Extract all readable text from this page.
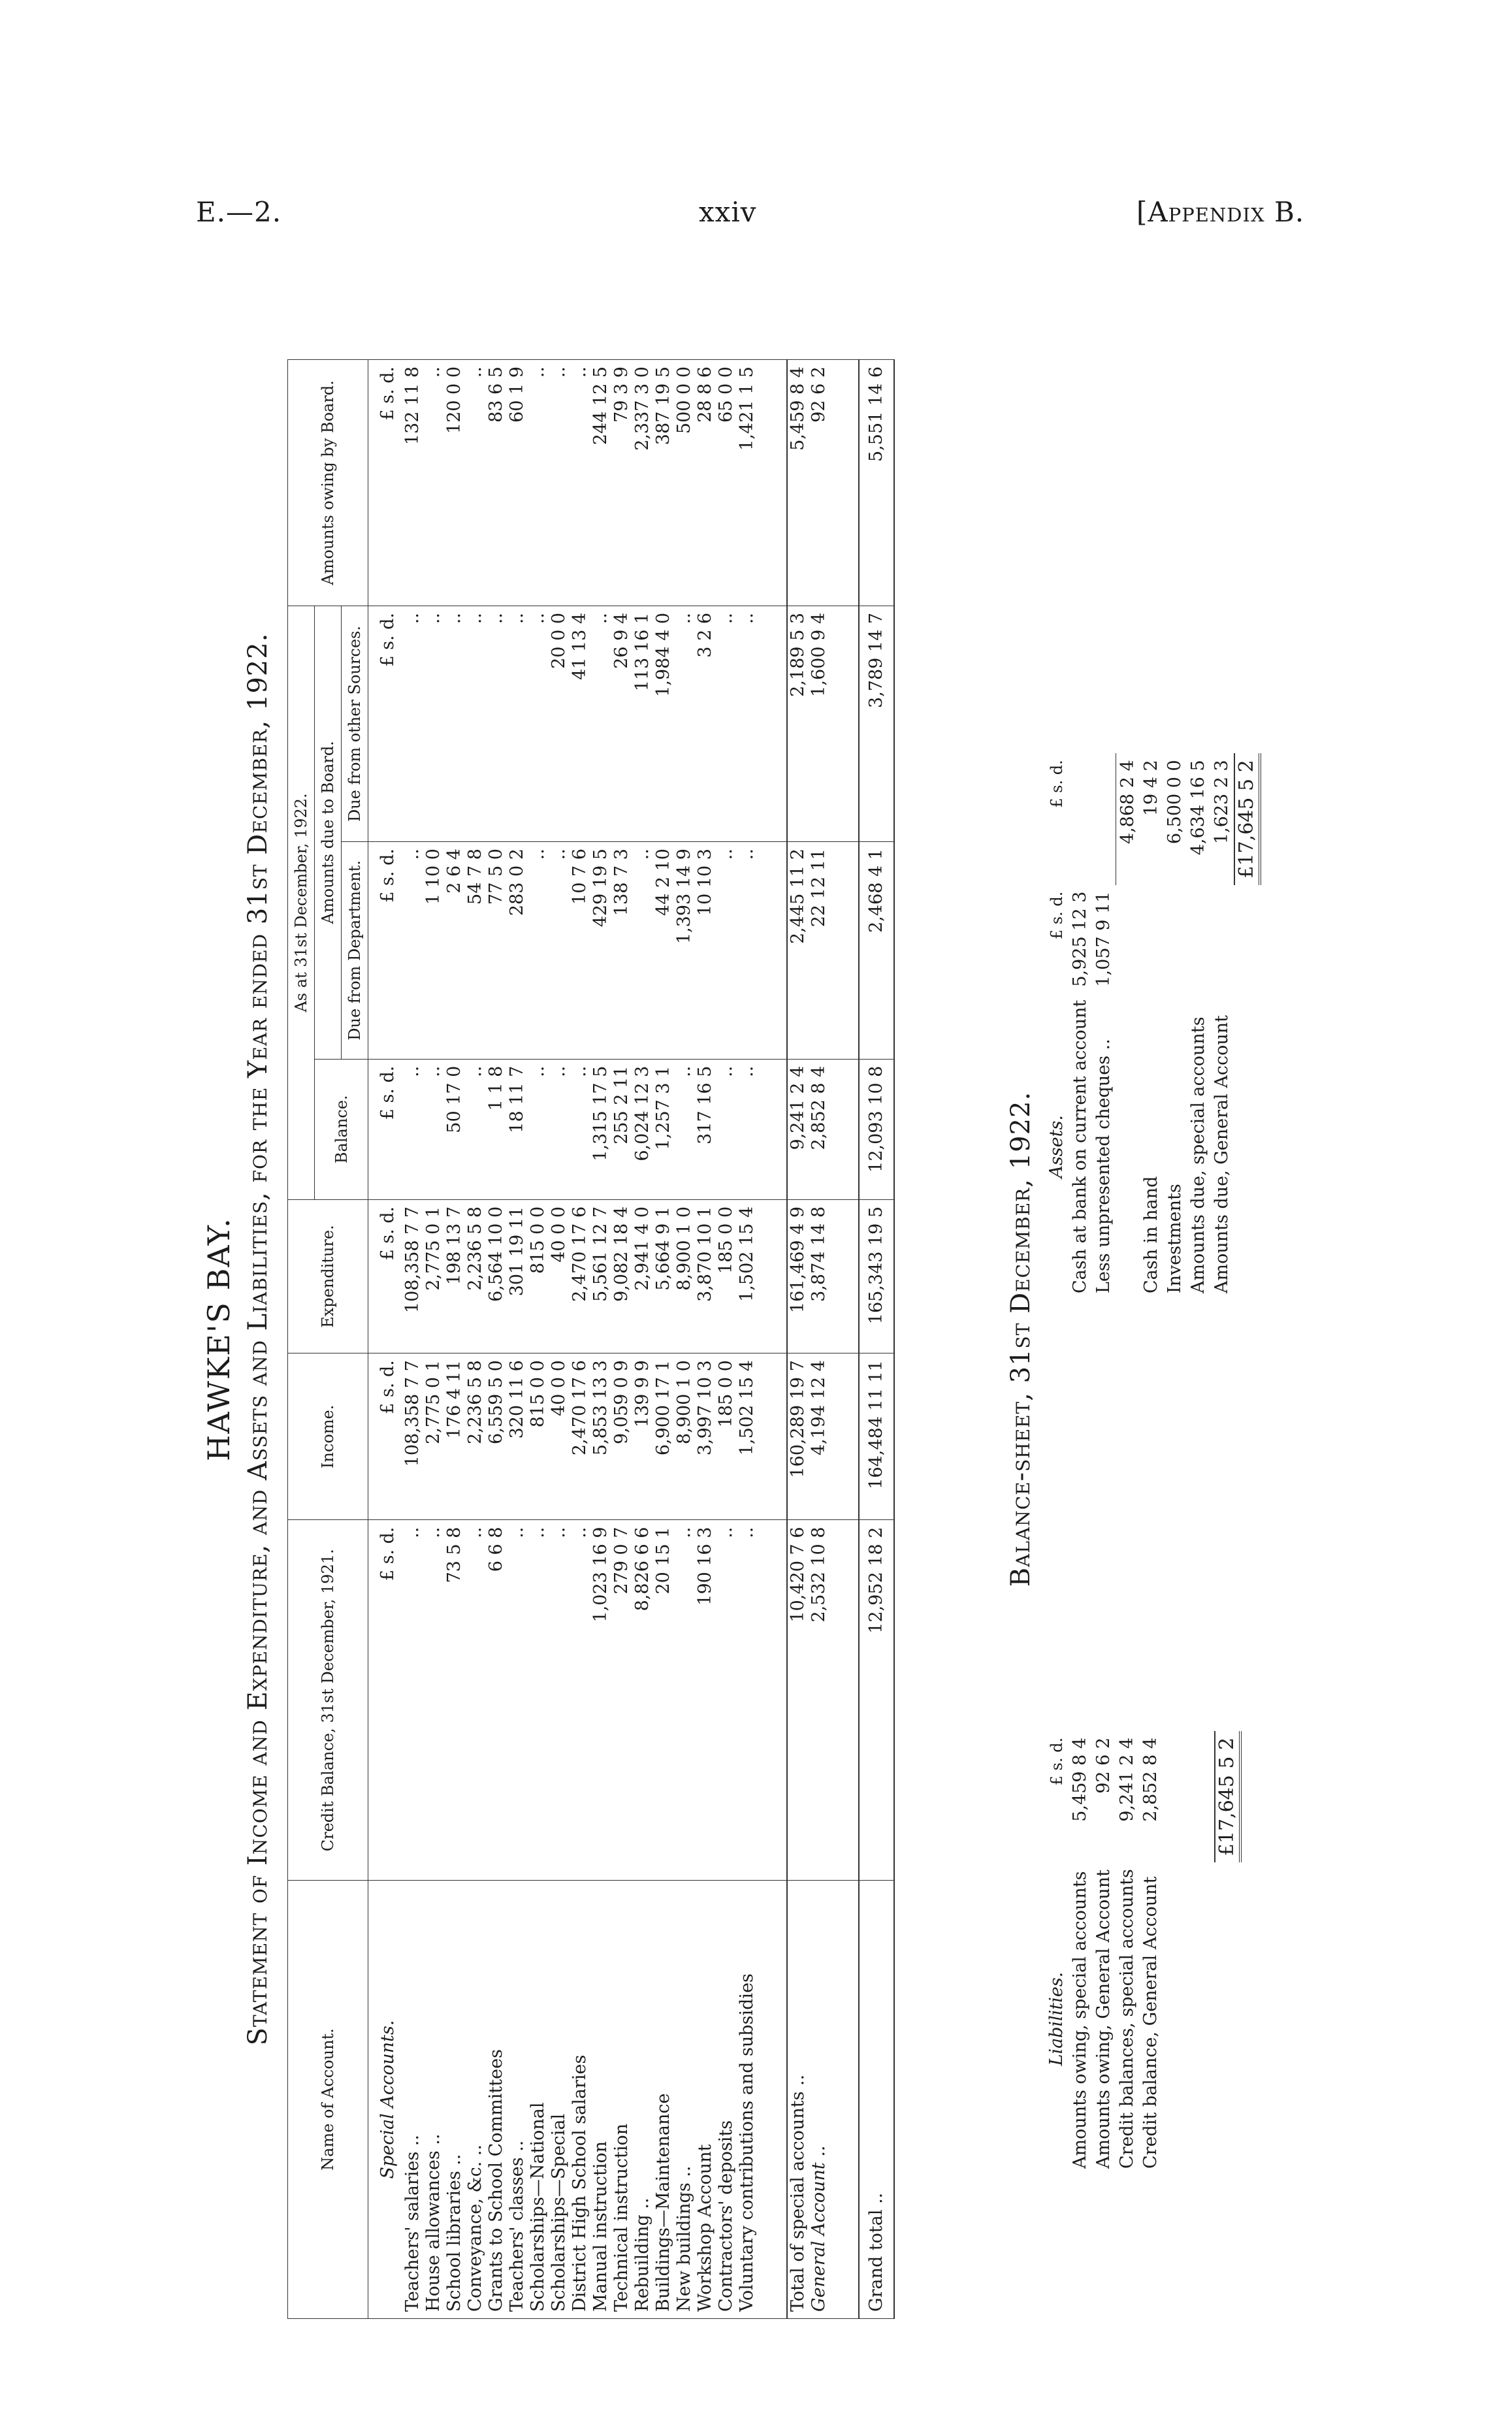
E.—2.	xxiv	[Appendix B.
HAWKE'S BAY. Statement of Income and Expenditure, and Assets and Liabilities, for the Year ended 31st December, 1922.
Name of Account.	Credit Balance, 31st December, 1921.	Income.	Expenditure.	As at 31st December, 1922.			Amounts owing by Board.
				Balance.	Amounts due to Board.		
					Due from Department.	Due from other Sources.	
Special Accounts.	£ s. d.	£ s. d.	£ s. d.	£ s. d.	£ s. d.	£ s. d.	£ s. d.
Teachers' salaries ..	..	108,358 7 7	108,358 7 7	..	..	..	132 11 8
House allowances ..	..	2,775 0 1	2,775 0 1	..	1 10 0	..	..
School libraries ..	73 5 8	176 4 11	198 13 7	50 17 0	2 6 4	..	120 0 0
Conveyance, &c. ..	..	2,236 5 8	2,236 5 8	..	54 7 8	..	..
Grants to School Committees	6 6 8	6,559 5 0	6,564 10 0	1 1 8	77 5 0	..	83 6 5
Teachers' classes ..	..	320 11 6	301 19 11	18 11 7	283 0 2	..	60 1 9
Scholarships—National	..	815 0 0	815 0 0	..	..	..	..
Scholarships—Special	..	40 0 0	40 0 0	..	..	20 0 0	..
District High School salaries	..	2,470 17 6	2,470 17 6	..	10 7 6	41 13 4	..
Manual instruction	1,023 16 9	5,853 13 3	5,561 12 7	1,315 17 5	429 19 5	..	244 12 5
Technical instruction	279 0 7	9,059 0 9	9,082 18 4	255 2 11	138 7 3	26 9 4	79 3 9
Rebuilding ..	8,826 6 6	139 9 9	2,941 4 0	6,024 12 3	..	113 16 1	2,337 3 0
Buildings—Maintenance	20 15 1	6,900 17 1	5,664 9 1	1,257 3 1	44 2 10	1,984 4 0	387 19 5
New buildings ..	..	8,900 1 0	8,900 1 0	..	1,393 14 9	..	500 0 0
Workshop Account	190 16 3	3,997 10 3	3,870 10 1	317 16 5	10 10 3	3 2 6	28 8 6
Contractors' deposits	..	185 0 0	185 0 0	..	..	..	65 0 0
Voluntary contributions and subsidies	..	1,502 15 4	1,502 15 4	..	..	..	1,421 1 5

Total of special accounts ..	10,420 7 6	160,289 19 7	161,469 4 9	9,241 2 4	2,445 11 2	2,189 5 3	5,459 8 4
General Account ..	2,532 10 8	4,194 12 4	3,874 14 8	2,852 8 4	22 12 11	1,600 9 4	92 6 2

Grand total ..	12,952 18 2	164,484 11 11	165,343 19 5	12,093 10 8	2,468 4 1	3,789 14 7	5,551 14 6
Balance-sheet, 31st December, 1922.
Liabilities.	£ s. d.
Amounts owing, special accounts	5,459 8 4
Amounts owing, General Account	92 6 2
Credit balances, special accounts	9,241 2 4
Credit balance, General Account	2,852 8 4

	£17,645 5 2
Assets.	£ s. d.	£ s. d.
Cash at bank on current account	5,925 12 3	
Less unpresented cheques ..	1,057 9 11	
		4,868 2 4
Cash in hand		19 4 2
Investments		6,500 0 0
Amounts due, special accounts		4,634 16 5
Amounts due, General Account		1,623 2 3
		£17,645 5 2
